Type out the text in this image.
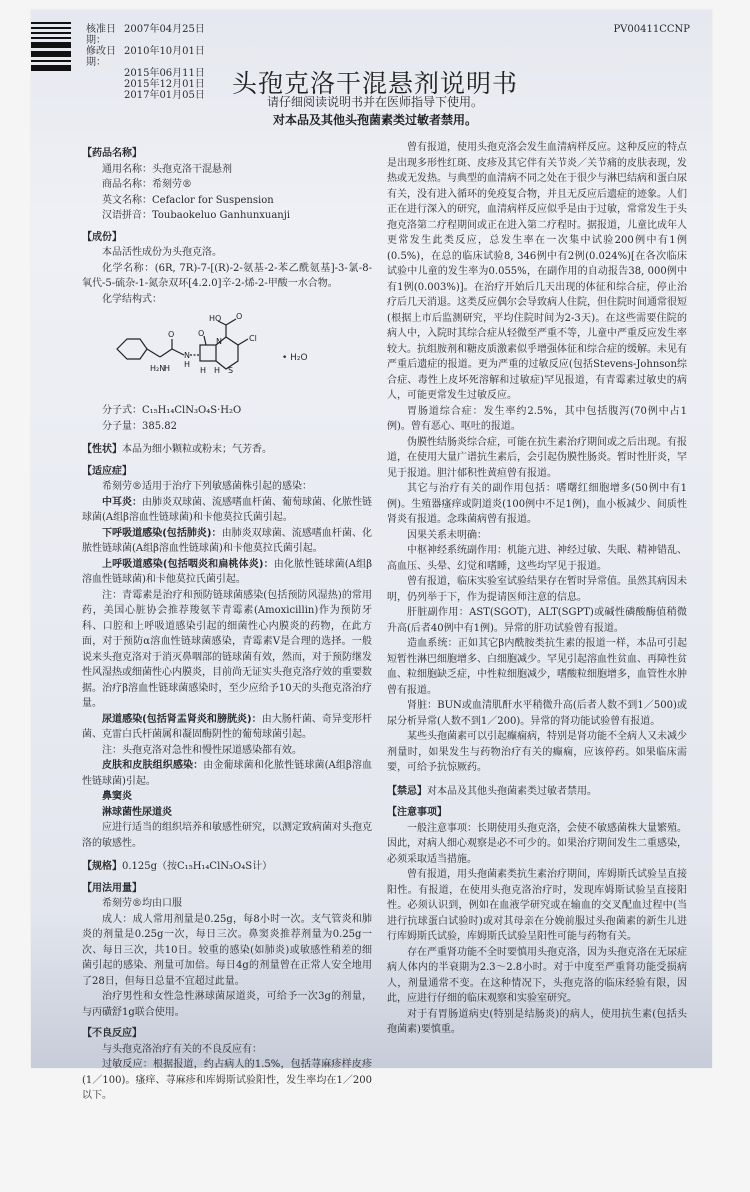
核准日期：
2007年04月25日
修改日期：
2010年10月01日
2015年06月11日
2015年12月01日
2017年01月05日
PV00411CCNP
头孢克洛干混悬剂说明书
请仔细阅读说明书并在医师指导下使用。
对本品及其他头孢菌素类过敏者禁用。
【药品名称】
通用名称：头孢克洛干混悬剂
商品名称：希刻劳®
英文名称：Cefaclor for Suspension
汉语拼音：Toubaokeluo Ganhunxuanji
【成份】
本品活性成份为头孢克洛。
化学名称：(6R, 7R)-7-[(R)-2-氨基-2-苯乙酰氨基]-3-氯-8-氧代-5-硫杂-1-氮杂双环[4.2.0]辛-2-烯-2-甲酸一水合物。
化学结构式：
O
N
O
N
S
Cl
HO O
H₂N
H H
H H
• H₂O
分子式：C₁₅H₁₄ClN₃O₄S·H₂O
分子量：385.82
【性状】本品为细小颗粒或粉末；气芳香。
【适应症】
希刻劳®适用于治疗下列敏感菌株引起的感染：
中耳炎：由肺炎双球菌、流感嗜血杆菌、葡萄球菌、化脓性链球菌(A组β溶血性链球菌)和卡他莫拉氏菌引起。
下呼吸道感染(包括肺炎)：由肺炎双球菌、流感嗜血杆菌、化脓性链球菌(A组β溶血性链球菌)和卡他莫拉氏菌引起。
上呼吸道感染(包括咽炎和扁桃体炎)：由化脓性链球菌(A组β溶血性链球菌)和卡他莫拉氏菌引起。
注：青霉素是治疗和预防链球菌感染(包括预防风湿热)的常用药，美国心脏协会推荐羧氨苄青霉素(Amoxicillin)作为预防牙科、口腔和上呼吸道感染引起的细菌性心内膜炎的药物，在此方面，对于预防α溶血性链球菌感染，青霉素V是合理的选择。一般说来头孢克洛对于消灭鼻咽部的链球菌有效，然而，对于预防继发性风湿热或细菌性心内膜炎，目前尚无证实头孢克洛疗效的重要数据。治疗β溶血性链球菌感染时，至少应给予10天的头孢克洛治疗量。
尿道感染(包括肾盂肾炎和膀胱炎)：由大肠杆菌、奇异变形杆菌、克雷白氏杆菌属和凝固酶阴性的葡萄球菌引起。
注：头孢克洛对急性和慢性尿道感染都有效。
皮肤和皮肤组织感染：由金葡球菌和化脓性链球菌(A组β溶血性链球菌)引起。
鼻窦炎
淋球菌性尿道炎
应进行适当的组织培养和敏感性研究，以测定致病菌对头孢克洛的敏感性。
【规格】0.125g（按C₁₅H₁₄ClN₃O₄S计）
【用法用量】
希刻劳®均由口服
成人：成人常用剂量是0.25g，每8小时一次。支气管炎和肺炎的剂量是0.25g一次，每日三次。鼻窦炎推荐剂量为0.25g一次、每日三次，共10日。较重的感染(如肺炎)或敏感性稍差的细菌引起的感染、剂量可加倍。每日4g的剂量曾在正常人安全地用了28日，但每日总量不宜超过此量。
治疗男性和女性急性淋球菌尿道炎，可给予一次3g的剂量，与丙磺舒1g联合使用。
【不良反应】
与头孢克洛治疗有关的不良反应有：
过敏反应：根据报道，约占病人的1.5%，包括荨麻疹样皮疹(1／100)。瘙痒、荨麻疹和库姆斯试验阳性，发生率均在1／200以下。
曾有报道，使用头孢克洛会发生血清病样反应。这种反应的特点是出现多形性红斑、皮疹及其它伴有关节炎／关节痛的皮肤表现，发热或无发热。与典型的血清病不同之处在于很少与淋巴结病和蛋白尿有关，没有进入循环的免疫复合物，并且无反应后遗症的迹象。人们正在进行深入的研究，血清病样反应似乎是由于过敏，常常发生于头孢克洛第二疗程期间或正在进入第二疗程时。据报道，儿童比成年人更常发生此类反应，总发生率在一次集中试验200例中有1例(0.5%)，在总的临床试验8, 346例中有2例(0.024%)[在各次临床试验中儿童的发生率为0.055%，在副作用的自动报告38, 000例中有1例(0.003%)]。在治疗开始后几天出现的体征和综合症，停止治疗后几天消退。这类反应偶尔会导致病人住院，但住院时间通常很短(根据上市后监测研究，平均住院时间为2-3天)。在这些需要住院的病人中，入院时其综合症从轻微至严重不等，儿童中严重反应发生率较大。抗组胺剂和糖皮质激素似乎增强体征和综合症的缓解。未见有严重后遗症的报道。更为严重的过敏反应(包括Stevens-Johnson综合症、毒性上皮坏死溶解和过敏症)罕见报道，有青霉素过敏史的病人，可能更常发生过敏反应。
胃肠道综合症：发生率约2.5%，其中包括腹泻(70例中占1例)。曾有恶心、呕吐的报道。
伪膜性结肠炎综合症，可能在抗生素治疗期间或之后出现。有报道，在使用大量广谱抗生素后，会引起伪膜性肠炎。暂时性肝炎，罕见于报道。胆汁郁积性黄疸曾有报道。
其它与治疗有关的副作用包括：嗜曙红细胞增多(50例中有1例)。生殖器瘙痒或阴道炎(100例中不足1例)，血小板减少、间质性肾炎有报道。念珠菌病曾有报道。
因果关系未明确：
中枢神经系统副作用：机能亢进、神经过敏、失眠、精神错乱、高血压、头晕、幻觉和嗜睡，这些均罕见于报道。
曾有报道，临床实验室试验结果存在暂时异常值。虽然其病因未明，仍列举于下，作为提请医师注意的信息。
肝脏副作用：AST(SGOT)，ALT(SGPT)或碱性磷酸酶值稍微升高(后者40例中有1例)。异常的肝功试验曾有报道。
造血系统：正如其它β内酰胺类抗生素的报道一样，本品可引起短暂性淋巴细胞增多、白细胞减少。罕见引起溶血性贫血、再障性贫血、粒细胞缺乏症，中性粒细胞减少，嗜酸粒细胞增多，血管性水肿曾有报道。
肾脏：BUN或血清肌酐水平稍微升高(后者人数不到1／500)或尿分析异常(人数不到1／200)。异常的肾功能试验曾有报道。
某些头孢菌素可以引起癫痫病，特别是肾功能不全病人又未减少剂量时，如果发生与药物治疗有关的癫痫，应该停药。如果临床需要，可给予抗惊厥药。
【禁忌】对本品及其他头孢菌素类过敏者禁用。
【注意事项】
一般注意事项：长期使用头孢克洛，会使不敏感菌株大量繁殖。因此，对病人细心观察是必不可少的。如果治疗期间发生二重感染，必须采取适当措施。
曾有报道，用头孢菌素类抗生素治疗期间，库姆斯氏试验呈直接阳性。有报道，在使用头孢克洛治疗时，发现库姆斯试验呈直接阳性。必须认识到，例如在血液学研究或在输血的交叉配血过程中(当进行抗球蛋白试验时)或对其母亲在分娩前服过头孢菌素的新生儿进行库姆斯氏试验，库姆斯氏试验呈阳性可能与药物有关。
存在严重肾功能不全时要慎用头孢克洛，因为头孢克洛在无尿症病人体内的半衰期为2.3～2.8小时。对于中度至严重肾功能受损病人，剂量通常不变。在这种情况下，头孢克洛的临床经验有限，因此，应进行仔细的临床观察和实验室研究。
对于有胃肠道病史(特别是结肠炎)的病人，使用抗生素(包括头孢菌素)要慎重。
